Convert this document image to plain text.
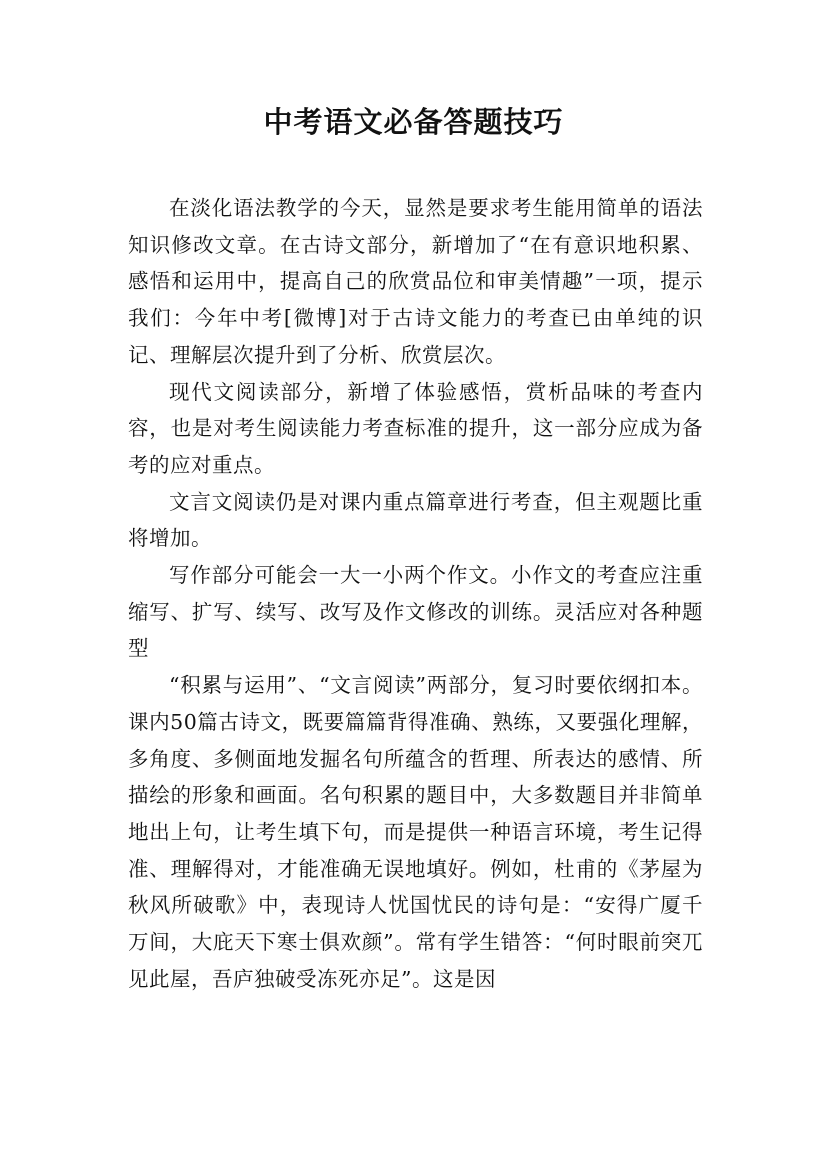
中考语文必备答题技巧

在淡化语法教学的今天，显然是要求考生能用简单的语法知识修改文章。在古诗文部分，新增加了“在有意识地积累、感悟和运用中，提高自己的欣赏品位和审美情趣”一项，提示我们：今年中考[微博]对于古诗文能力的考查已由单纯的识记、理解层次提升到了分析、欣赏层次。

现代文阅读部分，新增了体验感悟，赏析品味的考查内容，也是对考生阅读能力考查标准的提升，这一部分应成为备考的应对重点。

文言文阅读仍是对课内重点篇章进行考查，但主观题比重将增加。

写作部分可能会一大一小两个作文。小作文的考查应注重缩写、扩写、续写、改写及作文修改的训练。灵活应对各种题型

“积累与运用”、“文言阅读”两部分，复习时要依纲扣本。课内50篇古诗文，既要篇篇背得准确、熟练，又要强化理解，多角度、多侧面地发掘名句所蕴含的哲理、所表达的感情、所描绘的形象和画面。名句积累的题目中，大多数题目并非简单地出上句，让考生填下句，而是提供一种语言环境，考生记得准、理解得对，才能准确无误地填好。例如，杜甫的《茅屋为秋风所破歌》中，表现诗人忧国忧民的诗句是：“安得广厦千万间，大庇天下寒士俱欢颜”。常有学生错答：“何时眼前突兀见此屋，吾庐独破受冻死亦足”。这是因
